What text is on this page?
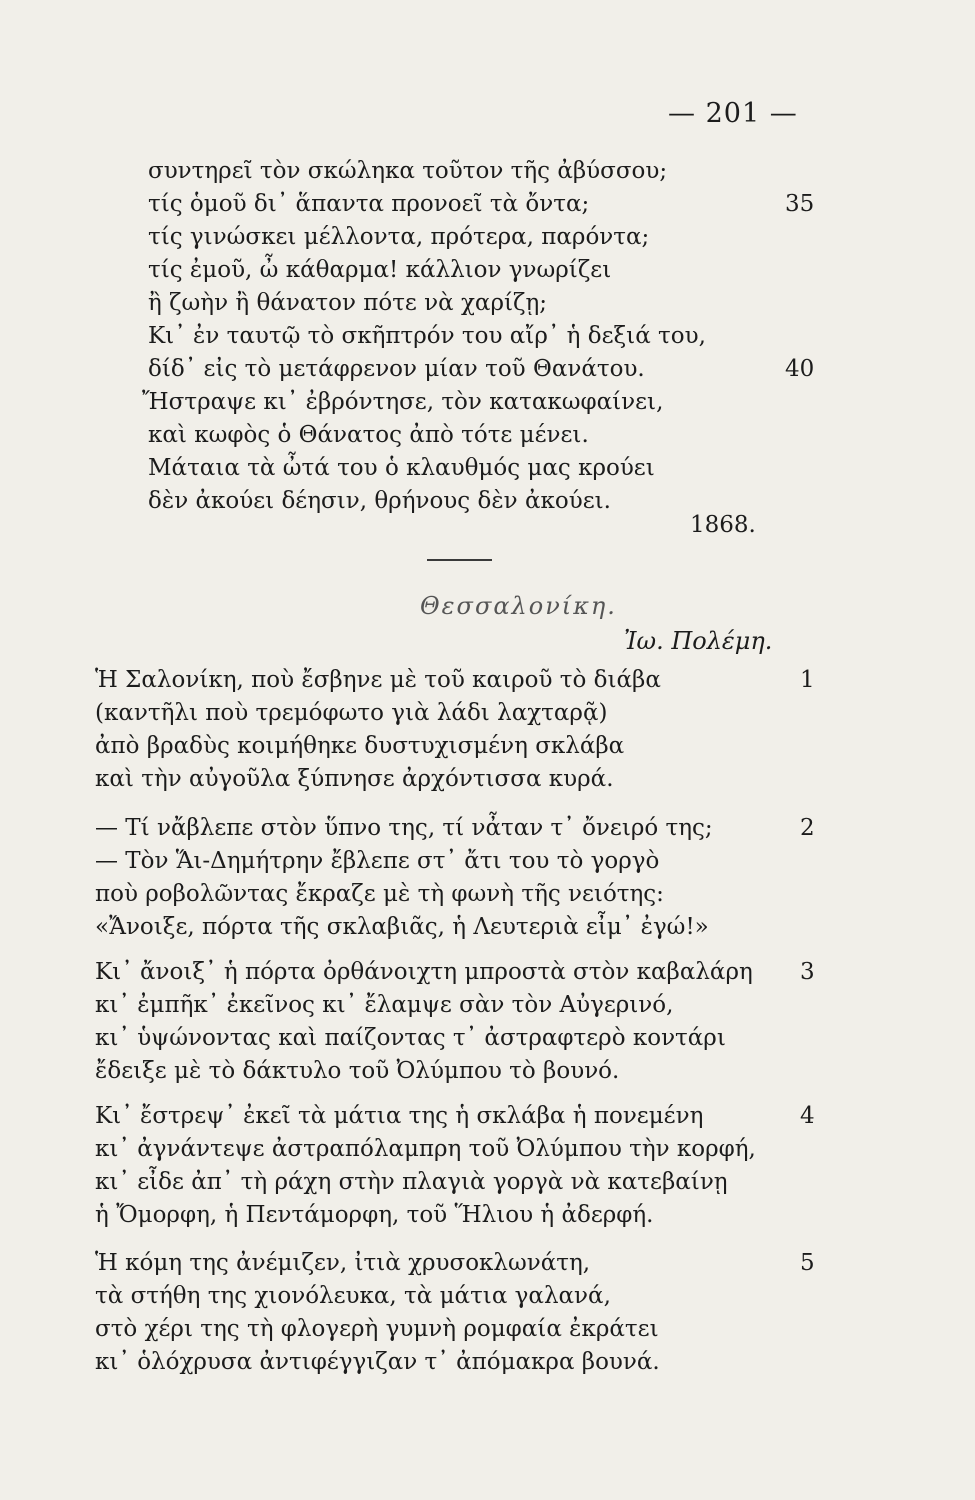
— 201 —
συντηρεῖ τὸν σκώληκα τοῦτον τῆς ἀβύσσου;
τίς ὁμοῦ δι᾽ ἅπαντα προνοεῖ τὰ ὄντα;
τίς γινώσκει μέλλοντα, πρότερα, παρόντα;
τίς ἐμοῦ, ὦ κάθαρμα! κάλλιον γνωρίζει
ἢ ζωὴν ἢ θάνατον πότε νὰ χαρίζῃ;
Κι᾽ ἐν ταυτῷ τὸ σκῆπτρόν του αἴρ᾽ ἡ δεξιά του,
δίδ᾽ εἰς τὸ μετάφρενον μίαν τοῦ Θανάτου.
Ἤστραψε κι᾽ ἐβρόντησε, τὸν κατακωφαίνει,
καὶ κωφὸς ὁ Θάνατος ἀπὸ τότε μένει.
Μάταια τὰ ὦτά του ὁ κλαυθμός μας κρούει
δὲν ἀκούει δέησιν, θρήνους δὲν ἀκούει.
35
40
1868.
Θεσσαλονίκη.
Ἰω. Πολέμη.
Ἡ Σαλονίκη, ποὺ ἔσβηνε μὲ τοῦ καιροῦ τὸ διάβα
(καντῆλι ποὺ τρεμόφωτο γιὰ λάδι λαχταρᾷ)
ἀπὸ βραδὺς κοιμήθηκε δυστυχισμένη σκλάβα
καὶ τὴν αὐγοῦλα ξύπνησε ἀρχόντισσα κυρά.
1
— Τί νἄβλεπε στὸν ὕπνο της, τί νἆταν τ᾽ ὄνειρό της;
— Τὸν Ἅι-Δημήτρην ἔβλεπε στ᾽ ἄτι του τὸ γοργὸ
ποὺ ροβολῶντας ἔκραζε μὲ τὴ φωνὴ τῆς νειότης:
«Ἄνοιξε, πόρτα τῆς σκλαβιᾶς, ἡ Λευτεριὰ εἶμ᾽ ἐγώ!»
2
Κι᾽ ἄνοιξ᾽ ἡ πόρτα ὀρθάνοιχτη μπροστὰ στὸν καβαλάρη
κι᾽ ἐμπῆκ᾽ ἐκεῖνος κι᾽ ἔλαμψε σὰν τὸν Αὐγερινό,
κι᾽ ὑψώνοντας καὶ παίζοντας τ᾽ ἀστραφτερὸ κοντάρι
ἔδειξε μὲ τὸ δάκτυλο τοῦ Ὀλύμπου τὸ βουνό.
3
Κι᾽ ἔστρεψ᾽ ἐκεῖ τὰ μάτια της ἡ σκλάβα ἡ πονεμένη
κι᾽ ἀγνάντεψε ἀστραπόλαμπρη τοῦ Ὀλύμπου τὴν κορφή,
κι᾽ εἶδε ἀπ᾽ τὴ ράχη στὴν πλαγιὰ γοργὰ νὰ κατεβαίνῃ
ἡ Ὄμορφη, ἡ Πεντάμορφη, τοῦ Ἥλιου ἡ ἀδερφή.
4
Ἡ κόμη της ἀνέμιζεν, ἰτιὰ χρυσοκλωνάτη,
τὰ στήθη της χιονόλευκα, τὰ μάτια γαλανά,
στὸ χέρι της τὴ φλογερὴ γυμνὴ ρομφαία ἐκράτει
κι᾽ ὁλόχρυσα ἀντιφέγγιζαν τ᾽ ἀπόμακρα βουνά.
5
